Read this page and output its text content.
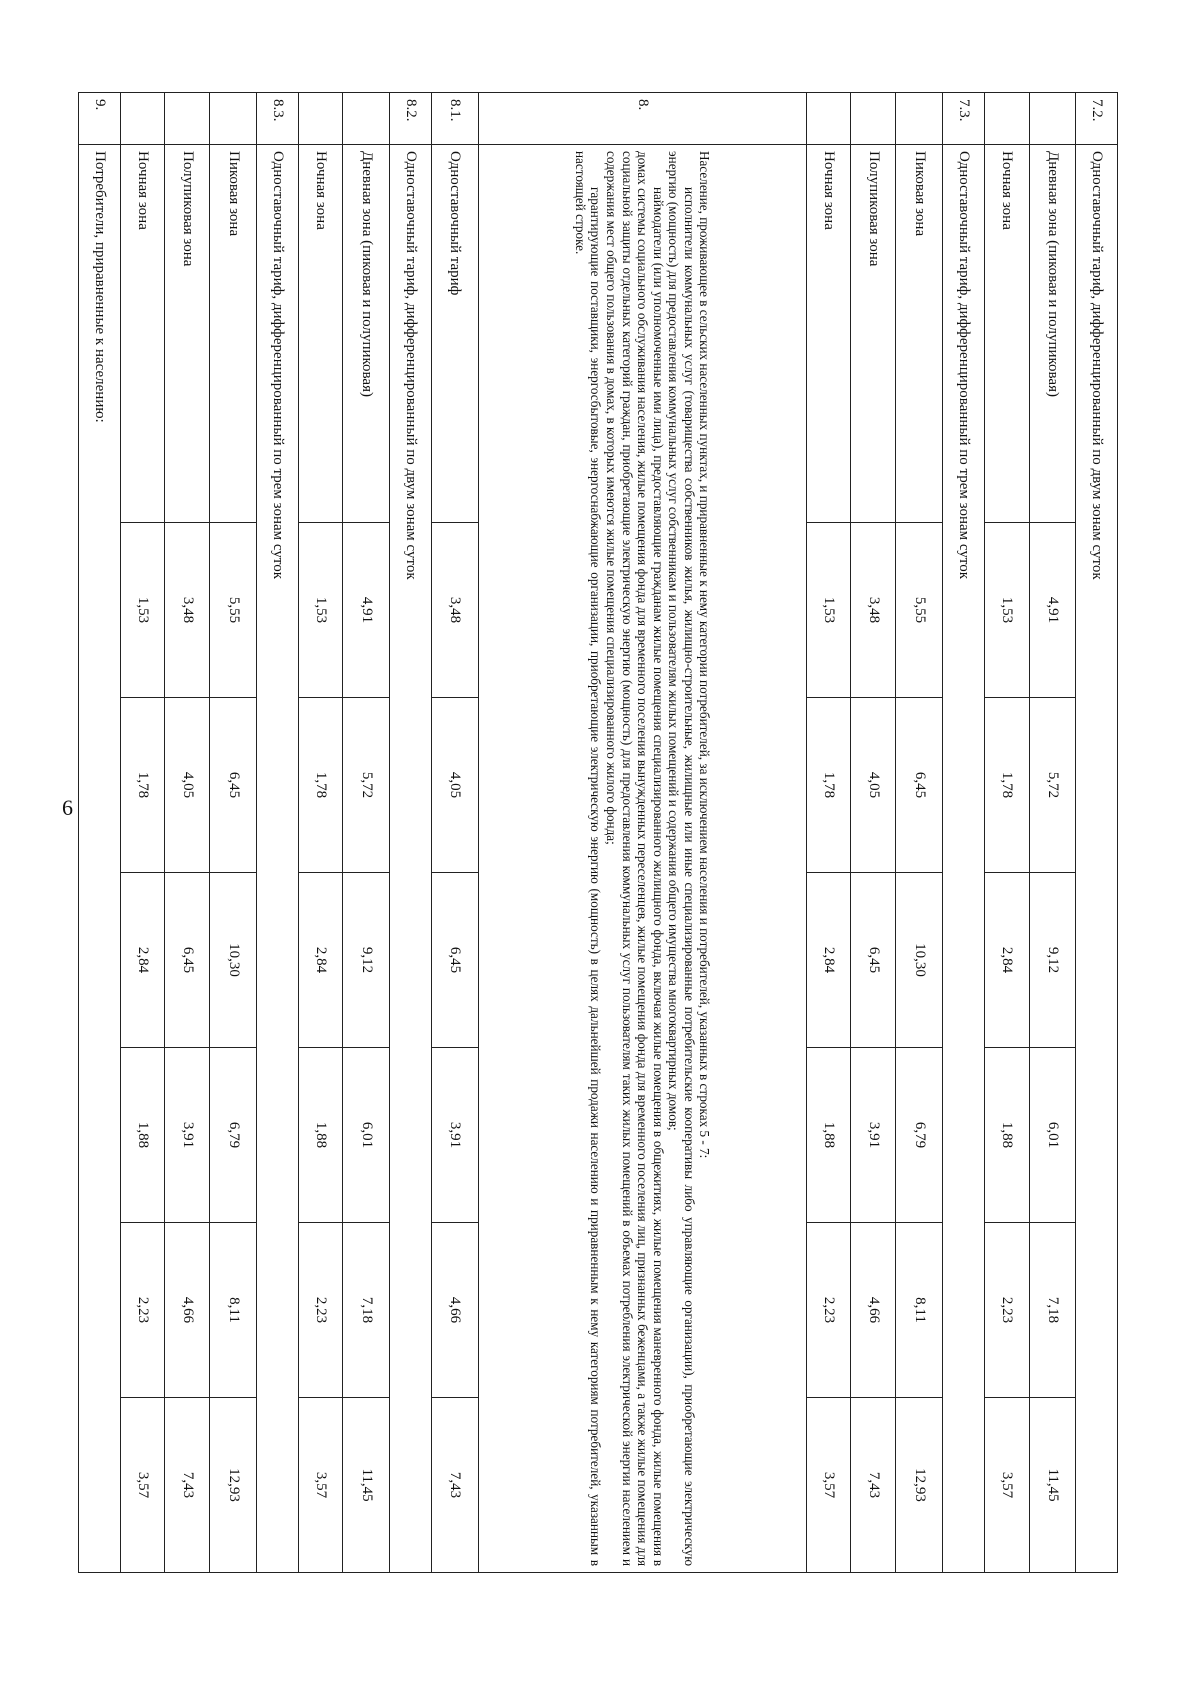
6
7.2.	Одноставочный тариф, дифференцированный по двум зонам суток						
	Дневная зона (пиковая и полупиковая)	4,91	5,72	9,12	6,01	7,18	11,45
	Ночная зона	1,53	1,78	2,84	1,88	2,23	3,57
7.3.	Одноставочный тариф, дифференцированный по трем зонам суток						
	Пиковая зона	5,55	6,45	10,30	6,79	8,11	12,93
	Полупиковая зона	3,48	4,05	6,45	3,91	4,66	7,43
	Ночная зона	1,53	1,78	2,84	1,88	2,23	3,57
8.	Население, проживающее в сельских населенных пунктах, и приравненные к нему категории потребителей, за исключением населения и потребителей, указанных в строках 5 - 7:

исполнители коммунальных услуг (товарищества собственников жилья, жилищно-строительные, жилищные или иные специализированные потребительские кооперативы либо управляющие организации), приобретающие электрическую энергию (мощность) для предоставления коммунальных услуг собственникам и пользователям жилых помещений и содержания общего имущества многоквартирных домов;

наймодатели (или уполномоченные ими лица), предоставляющие гражданам жилые помещения специализированного жилищного фонда, включая жилые помещения в общежитиях, жилые помещения маневренного фонда, жилые помещения в домах системы социального обслуживания населения, жилые помещения фонда для временного поселения вынужденных переселенцев, жилые помещения фонда для временного поселения лиц, признанных беженцами, а также жилые помещения для социальной защиты отдельных категорий граждан, приобретающие электрическую энергию (мощность) для предоставления коммунальных услуг пользователям таких жилых помещений в объемах потребления электрической энергии населением и содержания мест общего пользования в домах, в которых имеются жилые помещения специализированного жилого фонда;

гарантирующие поставщики, энергосбытовые, энергоснабжающие организации, приобретающие электрическую энергию (мощность) в целях дальнейшей продажи населению и приравненным к нему категориям потребителей, указанным в настоящей строке.						

8.1.	Одноставочный тариф	3,48	4,05	6,45	3,91	4,66	7,43
8.2.	Одноставочный тариф, дифференцированный по двум зонам суток						
	Дневная зона (пиковая и полупиковая)	4,91	5,72	9,12	6,01	7,18	11,45
	Ночная зона	1,53	1,78	2,84	1,88	2,23	3,57
8.3.	Одноставочный тариф, дифференцированный по трем зонам суток						
	Пиковая зона	5,55	6,45	10,30	6,79	8,11	12,93
	Полупиковая зона	3,48	4,05	6,45	3,91	4,66	7,43
	Ночная зона	1,53	1,78	2,84	1,88	2,23	3,57
9.	Потребители, приравненные к населению:						
